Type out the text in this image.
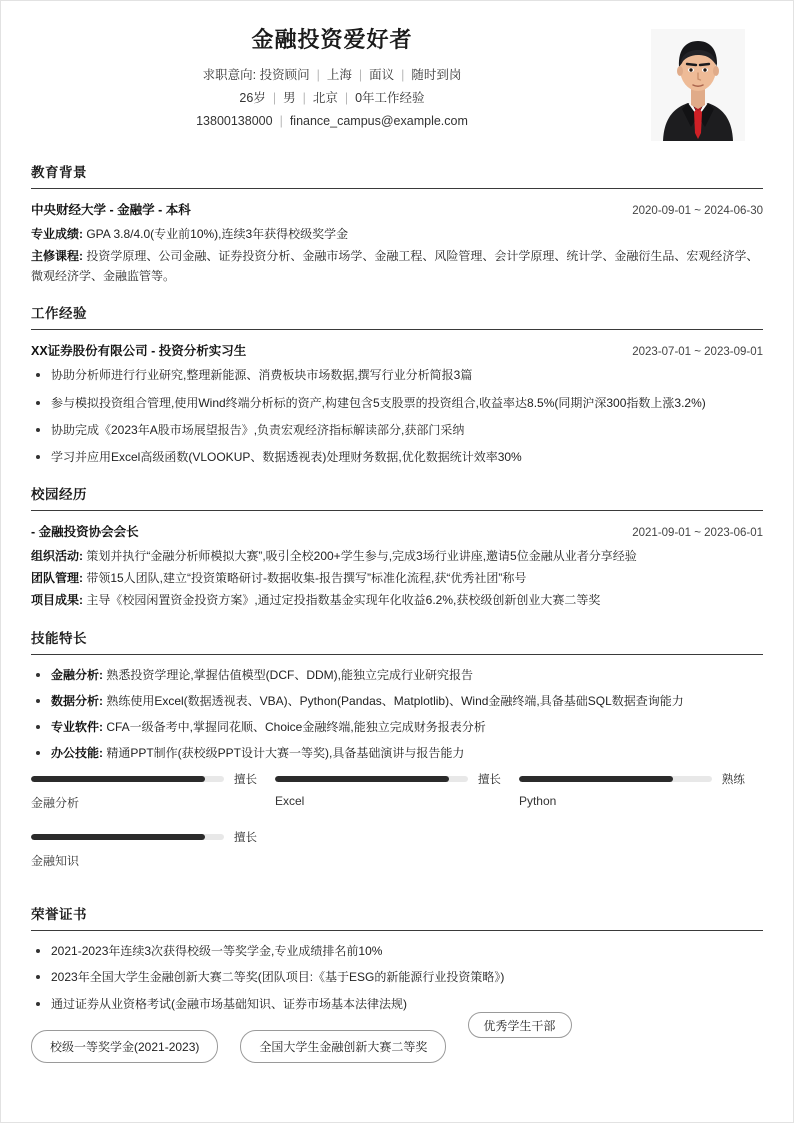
金融投资爱好者
求职意向: 投资顾问 | 上海 | 面议 | 随时到岗
26岁 | 男 | 北京 | 0年工作经验
13800138000 | finance_campus@example.com
教育背景
中央财经大学 - 金融学 - 本科	2020-09-01 ~ 2024-06-30
专业成绩: GPA 3.8/4.0(专业前10%),连续3年获得校级奖学金
主修课程: 投资学原理、公司金融、证券投资分析、金融市场学、金融工程、风险管理、会计学原理、统计学、金融衍生品、宏观经济学、微观经济学、金融监管等。
工作经验
XX证券股份有限公司 - 投资分析实习生	2023-07-01 ~ 2023-09-01
协助分析师进行行业研究,整理新能源、消费板块市场数据,撰写行业分析简报3篇
参与模拟投资组合管理,使用Wind终端分析标的资产,构建包含5支股票的投资组合,收益率达8.5%(同期沪深300指数上涨3.2%)
协助完成《2023年A股市场展望报告》,负责宏观经济指标解读部分,获部门采纳
学习并应用Excel高级函数(VLOOKUP、数据透视表)处理财务数据,优化数据统计效率30%
校园经历
- 金融投资协会会长	2021-09-01 ~ 2023-06-01
组织活动: 策划并执行“金融分析师模拟大赛”,吸引全校200+学生参与,完成3场行业讲座,邀请5位金融从业者分享经验
团队管理: 带领15人团队,建立“投资策略研讨-数据收集-报告撰写”标准化流程,获“优秀社团”称号
项目成果: 主导《校园闲置资金投资方案》,通过定投指数基金实现年化收益6.2%,获校级创新创业大赛二等奖
技能特长
金融分析: 熟悉投资学理论,掌握估值模型(DCF、DDM),能独立完成行业研究报告
数据分析: 熟练使用Excel(数据透视表、VBA)、Python(Pandas、Matplotlib)、Wind金融终端,具备基础SQL数据查询能力
专业软件: CFA一级备考中,掌握同花顺、Choice金融终端,能独立完成财务报表分析
办公技能: 精通PPT制作(获校级PPT设计大赛一等奖),具备基础演讲与报告能力
擅长
金融分析
擅长
Excel
熟练
Python
擅长
金融知识
荣誉证书
2021-2023年连续3次获得校级一等奖学金,专业成绩排名前10%
2023年全国大学生金融创新大赛二等奖(团队项目:《基于ESG的新能源行业投资策略》)
通过证券从业资格考试(金融市场基础知识、证券市场基本法律法规)
校级一等奖学金(2021-2023)	全国大学生金融创新大赛二等奖
优秀学生干部
